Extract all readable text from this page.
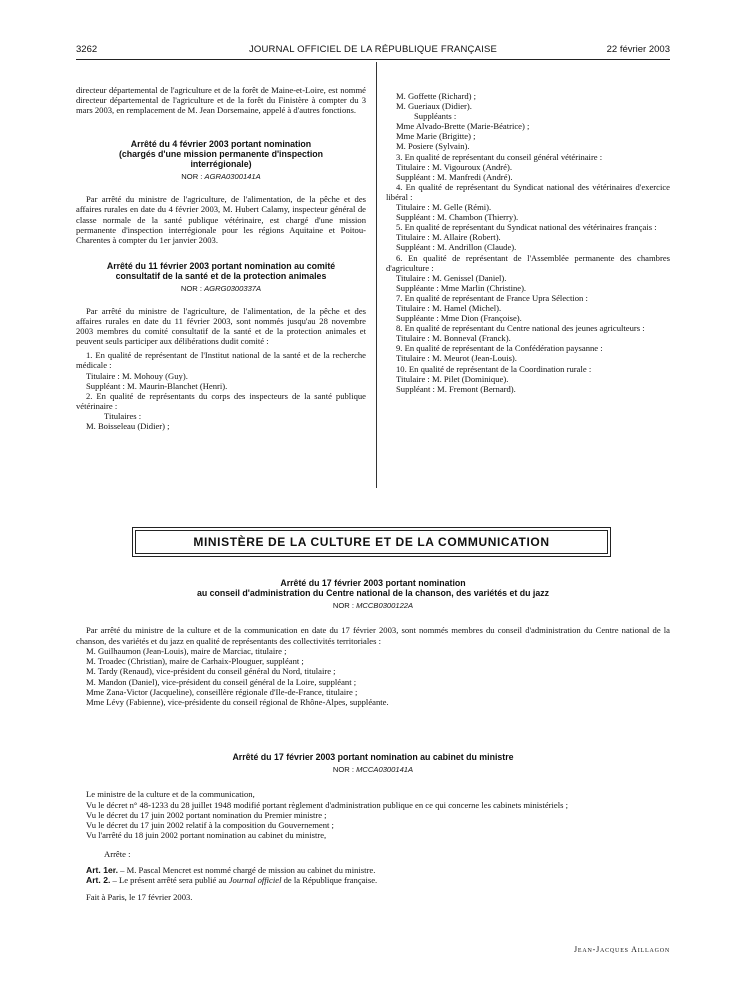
3262	JOURNAL OFFICIEL DE LA RÉPUBLIQUE FRANÇAISE	22 février 2003

directeur départemental de l'agriculture et de la forêt de Maine-et-Loire, est nommé directeur départemental de l'agriculture et de la forêt du Finistère à compter du 3 mars 2003, en remplacement de M. Jean Dorsemaine, appelé à d'autres fonctions.

Arrêté du 4 février 2003 portant nomination

(chargés d'une mission permanente d'inspection

interrégionale)

NOR : AGRA0300141A

Par arrêté du ministre de l'agriculture, de l'alimentation, de la pêche et des affaires rurales en date du 4 février 2003, M. Hubert Calamy, inspecteur général de classe normale de la santé publique vétérinaire, est chargé d'une mission permanente d'inspection interrégionale pour les régions Aquitaine et Poitou-Charentes à compter du 1er janvier 2003.

Arrêté du 11 février 2003 portant nomination au comité

consultatif de la santé et de la protection animales

NOR : AGRG0300337A

Par arrêté du ministre de l'agriculture, de l'alimentation, de la pêche et des affaires rurales en date du 11 février 2003, sont nommés jusqu'au 28 novembre 2003 membres du comité consultatif de la santé et de la protection animales et peuvent seuls participer aux délibérations dudit comité :

1. En qualité de représentant de l'Institut national de la santé et de la recherche médicale :

Titulaire : M. Mohouy (Guy).

Suppléant : M. Maurin-Blanchet (Henri).

2. En qualité de représentants du corps des inspecteurs de la santé publique vétérinaire :

Titulaires :

M. Boisseleau (Didier) ;

M. Goffette (Richard) ;

M. Gueriaux (Didier).

Suppléants :

Mme Alvado-Brette (Marie-Béatrice) ;

Mme Marie (Brigitte) ;

M. Posiere (Sylvain).

3. En qualité de représentant du conseil général vétérinaire :

Titulaire : M. Vigouroux (André).

Suppléant : M. Manfredi (André).

4. En qualité de représentant du Syndicat national des vétérinaires d'exercice libéral :

Titulaire : M. Gelle (Rémi).

Suppléant : M. Chambon (Thierry).

5. En qualité de représentant du Syndicat national des vétérinaires français :

Titulaire : M. Allaire (Robert).

Suppléant : M. Andrillon (Claude).

6. En qualité de représentant de l'Assemblée permanente des chambres d'agriculture :

Titulaire : M. Genissel (Daniel).

Suppléante : Mme Marlin (Christine).

7. En qualité de représentant de France Upra Sélection :

Titulaire : M. Hamel (Michel).

Suppléante : Mme Dion (Françoise).

8. En qualité de représentant du Centre national des jeunes agriculteurs :

Titulaire : M. Bonneval (Franck).

9. En qualité de représentant de la Confédération paysanne :

Titulaire : M. Meurot (Jean-Louis).

10. En qualité de représentant de la Coordination rurale :

Titulaire : M. Pilet (Dominique).

Suppléant : M. Fremont (Bernard).

MINISTÈRE DE LA CULTURE ET DE LA COMMUNICATION

Arrêté du 17 février 2003 portant nomination

au conseil d'administration du Centre national de la chanson, des variétés et du jazz

NOR : MCCB0300122A

Par arrêté du ministre de la culture et de la communication en date du 17 février 2003, sont nommés membres du conseil d'administration du Centre national de la chanson, des variétés et du jazz en qualité de représentants des collectivités territoriales :

M. Guilhaumon (Jean-Louis), maire de Marciac, titulaire ;

M. Troadec (Christian), maire de Carhaix-Plouguer, suppléant ;

M. Tardy (Renaud), vice-président du conseil général du Nord, titulaire ;

M. Mandon (Daniel), vice-président du conseil général de la Loire, suppléant ;

Mme Zana-Victor (Jacqueline), conseillère régionale d'Ile-de-France, titulaire ;

Mme Lévy (Fabienne), vice-présidente du conseil régional de Rhône-Alpes, suppléante.

Arrêté du 17 février 2003 portant nomination au cabinet du ministre

NOR : MCCA0300141A

Le ministre de la culture et de la communication,

Vu le décret n° 48-1233 du 28 juillet 1948 modifié portant règlement d'administration publique en ce qui concerne les cabinets ministériels ;

Vu le décret du 17 juin 2002 portant nomination du Premier ministre ;

Vu le décret du 17 juin 2002 relatif à la composition du Gouvernement ;

Vu l'arrêté du 18 juin 2002 portant nomination au cabinet du ministre,

Arrête :

Art. 1er. – M. Pascal Mencret est nommé chargé de mission au cabinet du ministre.

Art. 2. – Le présent arrêté sera publié au Journal officiel de la République française.

Fait à Paris, le 17 février 2003.

Jean-Jacques Aillagon
